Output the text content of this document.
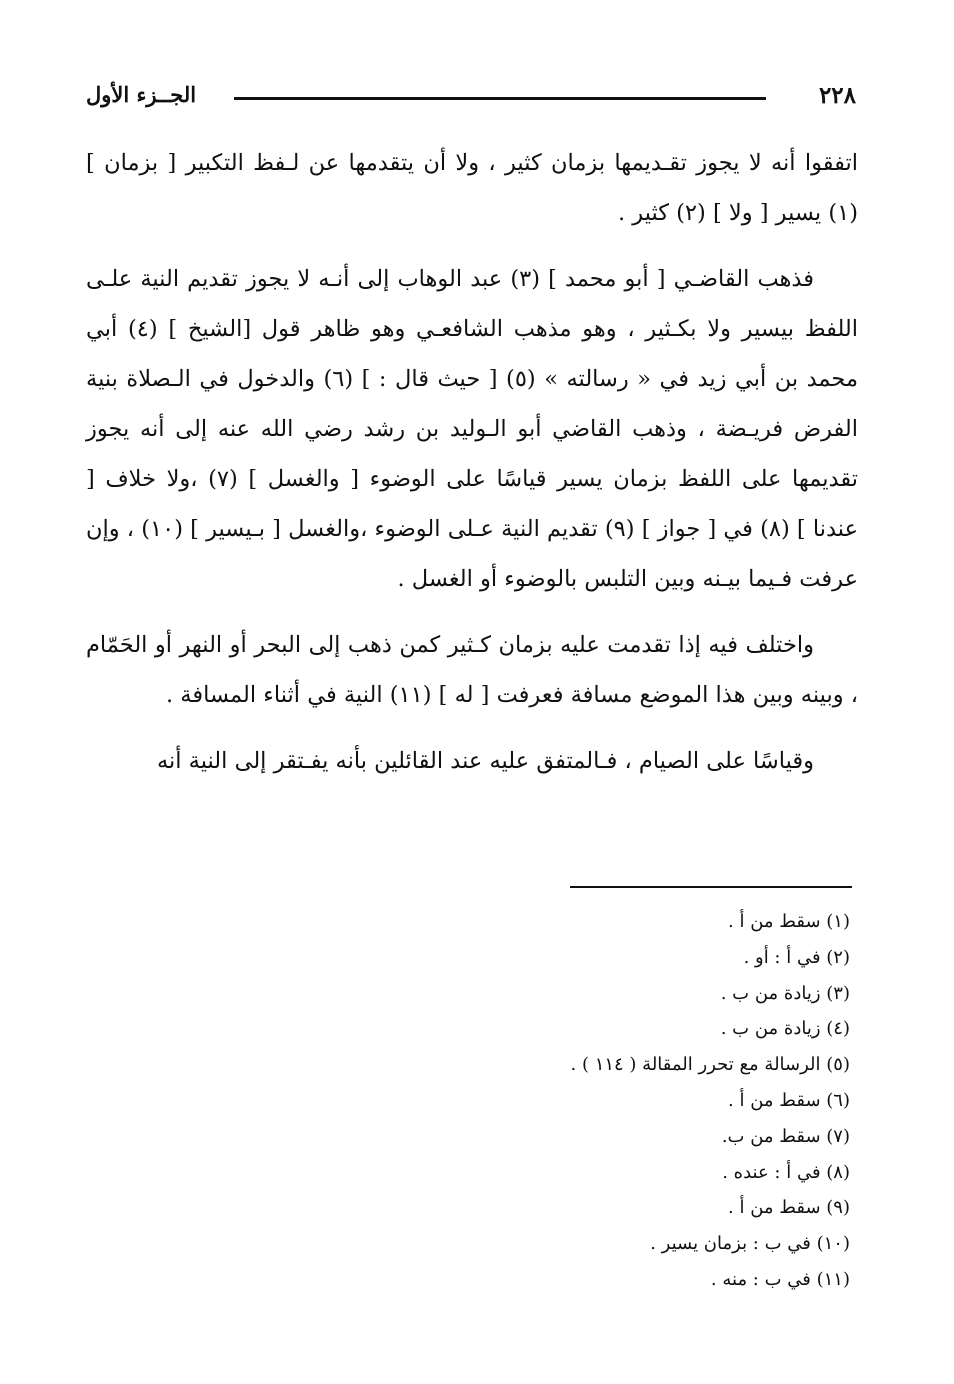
٢٢٨
الجــزء الأول

اتفقوا أنه لا يجوز تقـديمها بزمان كثير ، ولا أن يتقدمها عن لـفظ التكبير [ بزمان ] (١) يسير [ ولا ] (٢) كثير .

فذهب القاضـي [ أبو محمد ] (٣) عبد الوهاب إلى أنـه لا يجوز تقديم النية علـى اللفظ بيسير ولا بكـثير ، وهو مذهب الشافعـي وهو ظاهر قول [الشيخ ] (٤) أبي محمد بن أبي زيد في « رسالته » (٥) [ حيث قال : ] (٦) والدخول في الـصلاة بنية الفرض فريـضة ، وذهب القاضي أبو الـوليد بن رشد رضي الله عنه إلى أنه يجوز تقديمها على اللفظ بزمان يسير قياسًا على الوضوء [ والغسل ] (٧) ،ولا خلاف [ عندنا ] (٨) في [ جواز ] (٩) تقديم النية عـلى الوضوء ،والغسل [ بـيسير ] (١٠) ، وإن عرفت فـيما بيـنه وبين التلبس بالوضوء أو الغسل .

واختلف فيه إذا تقدمت عليه بزمان كـثير كمن ذهب إلى البحر أو النهر أو الحَمّام ، وبينه وبين هذا الموضع مسافة فعرفت [ له ] (١١) النية في أثناء المسافة .

وقياسًا على الصيام ، فـالمتفق عليه عند القائلين بأنه يفـتقر إلى النية أنه

(١) سقط من أ .
(٢) في أ : أو .
(٣) زيادة من ب .
(٤) زيادة من ب .
(٥) الرسالة مع تحرر المقالة ( ١١٤ ) .
(٦) سقط من أ .
(٧) سقط من ب.
(٨) في أ : عنده .
(٩) سقط من أ .
(١٠) في ب : بزمان يسير .
(١١) في ب : منه .
